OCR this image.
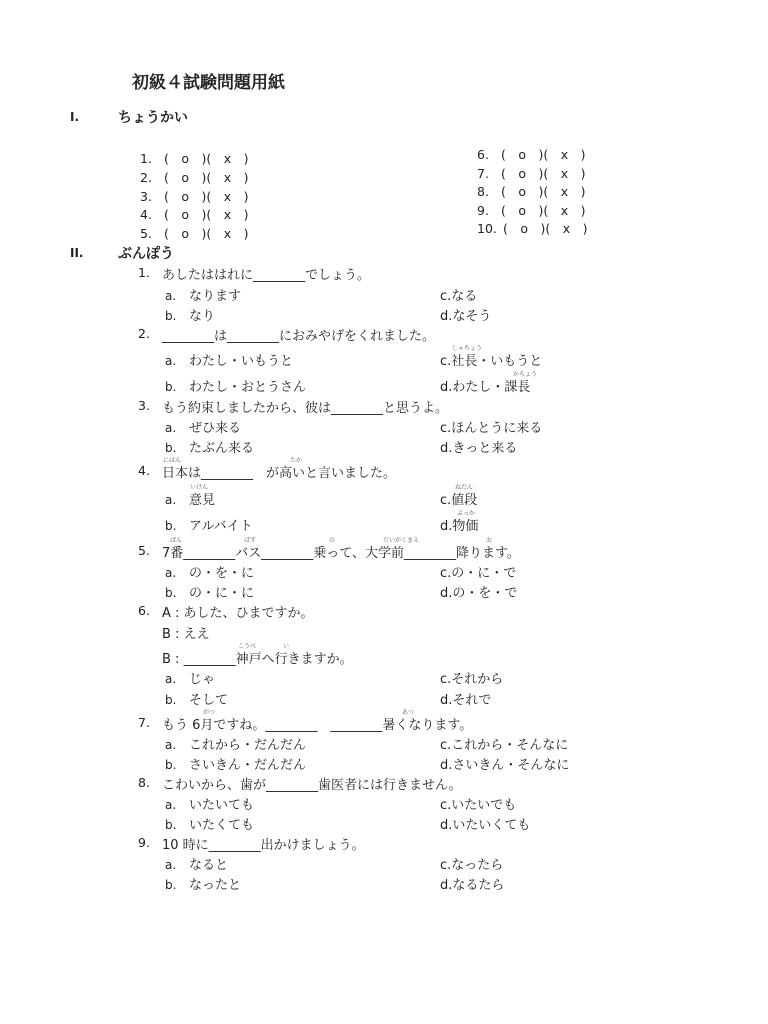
初級４試験問題用紙
I.	ちょうかい
1. (　o　)(　x　)
2. (　o　)(　x　)
3. (　o　)(　x　)
4. (　o　)(　x　)
5. (　o　)(　x　)
6. (　o　)(　x　)
7. (　o　)(　x　)
8. (　o　)(　x　)
9. (　o　)(　x　)
10. (　o　)(　x　)
II. ぶんぽう
1. あしたははれに________でしょう。
a. なります
b. なり
c.なる
d.なそう
2. ________は________におみやげをくれました。
a. わたし・いもうと
b. わたし・おとうさん
しゃちょう
c.社長・いもうと
かちょう
d.わたし・課長
3. もう約束しましたから、彼は________と思うよ。
a. ぜひ来る
b. たぶん来る
c.ほんとうに来る
d.きっと来る
にほん	たか
4. 日本は________　が高いと言いました。
いけん
a. 意見
b. アルバイト
ねだん
c.値段
ぶっか
d.物価
ばん	ばす	の	だいがくまえ	お
5. 7番________バス________乗って、大学前________降ります。
a. の・を・に
b. の・に・に
c.の・に・で
d.の・を・で
6. A : あした、ひまですか。
B : ええ
こうべ	い
B : ________神戸へ行きますか。
a. じゃ
b. そして
c.それから
d.それで
がつ	あつ
7. もう 6月ですね。________　________暑くなります。
a. これから・だんだん
b. さいきん・だんだん
c.これから・そんなに
d.さいきん・そんなに
8. こわいから、歯が________歯医者には行きません。
a. いたいても
b. いたくても
c.いたいでも
d.いたいくても
9. 10 時に________出かけましょう。
a. なると
b. なったと
c.なったら
d.なるたら
